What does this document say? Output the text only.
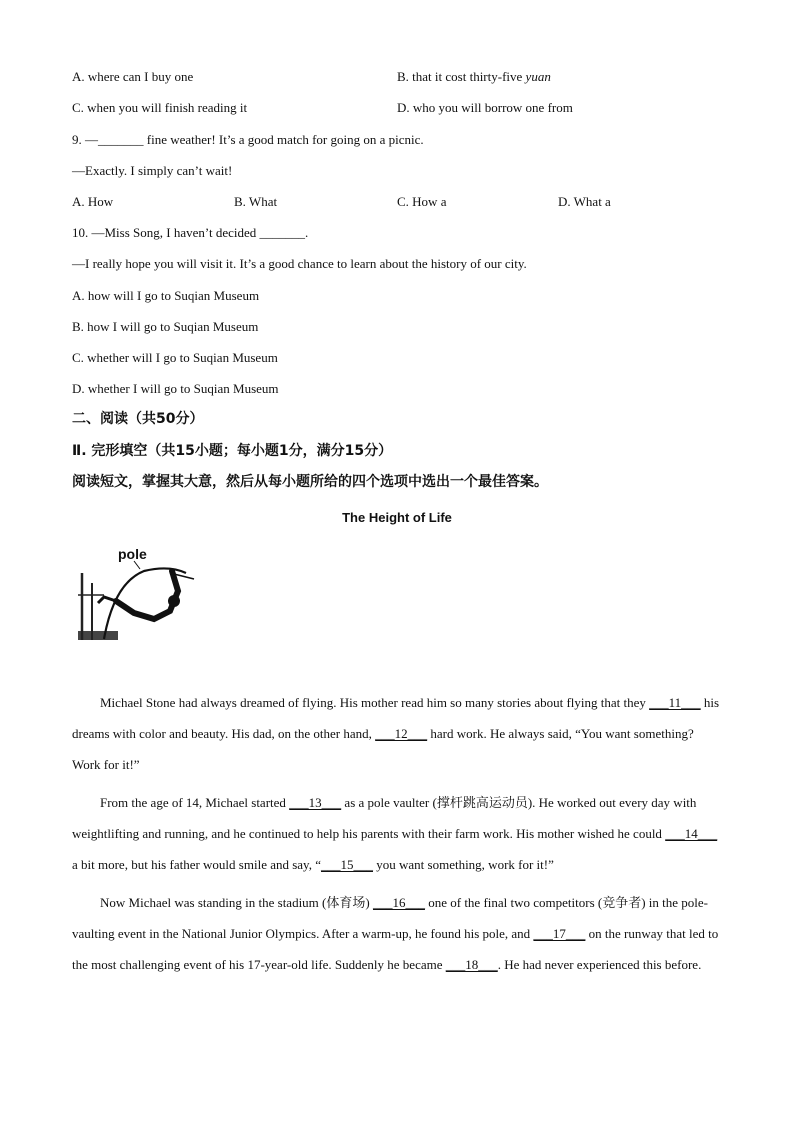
A. where can I buy one	B. that it cost thirty-five yuan
C. when you will finish reading it	D. who you will borrow one from
9. —_______ fine weather! It’s a good match for going on a picnic.
—Exactly. I simply can’t wait!
A. How	B. What	C. How a	D. What a
10. —Miss Song, I haven’t decided _______.
—I really hope you will visit it. It’s a good chance to learn about the history of our city.
A. how will I go to Suqian Museum
B. how I will go to Suqian Museum
C. whether will I go to Suqian Museum
D. whether I will go to Suqian Museum
二、阅读（共50分）
Ⅱ. 完形填空（共15小题；每小题1分，满分15分）
阅读短文，掌握其大意，然后从每小题所给的四个选项中选出一个最佳答案。
The Height of Life
pole

Michael Stone had always dreamed of flying. His mother read him so many stories about flying that they ___11___ his dreams with color and beauty. His dad, on the other hand, ___12___ hard work. He always said, “You want something? Work for it!”

From the age of 14, Michael started ___13___ as a pole vaulter (撑杆跳高运动员). He worked out every day with weightlifting and running, and he continued to help his parents with their farm work. His mother wished he could ___14___ a bit more, but his father would smile and say, “___15___ you want something, work for it!”

Now Michael was standing in the stadium (体育场) ___16___ one of the final two competitors (竞争者) in the pole-vaulting event in the National Junior Olympics. After a warm-up, he found his pole, and ___17___ on the runway that led to the most challenging event of his 17-year-old life. Suddenly he became ___18___. He had never experienced this before.
